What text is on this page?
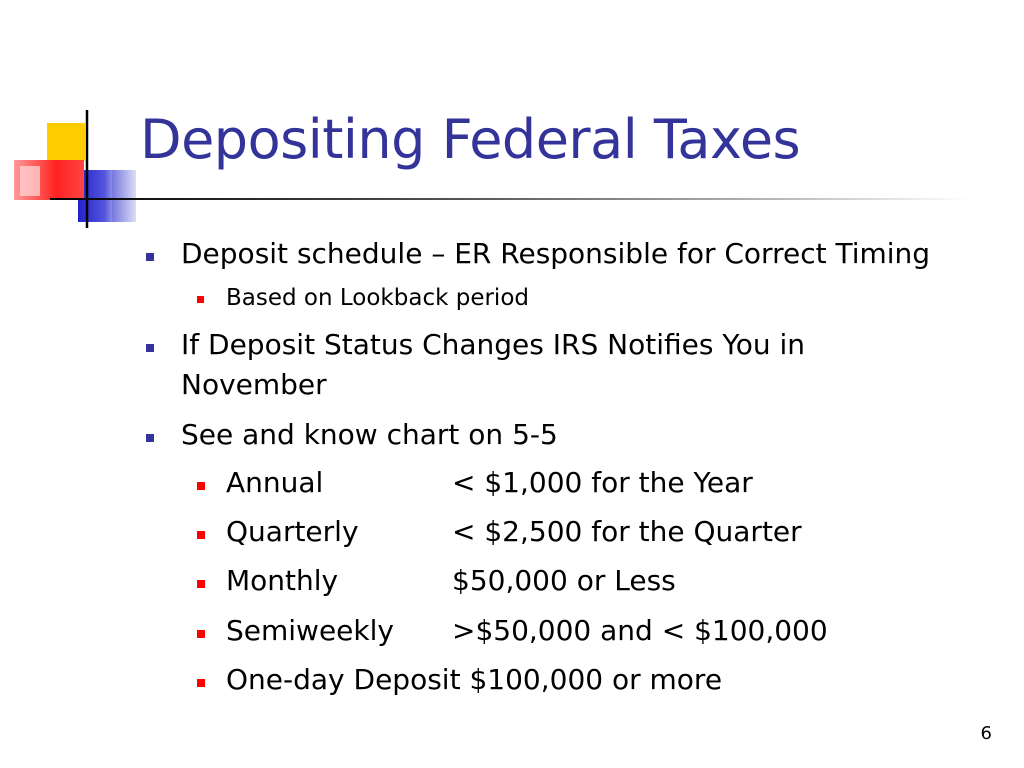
Depositing Federal Taxes
Deposit schedule – ER Responsible for Correct Timing
Based on Lookback period
If Deposit Status Changes IRS Notifies You in
November
See and know chart on 5-5
Annual	< $1,000 for the Year
Quarterly	< $2,500 for the Quarter
Monthly	$50,000 or Less
Semiweekly >$50,000 and < $100,000
One-day Deposit $100,000 or more
6
